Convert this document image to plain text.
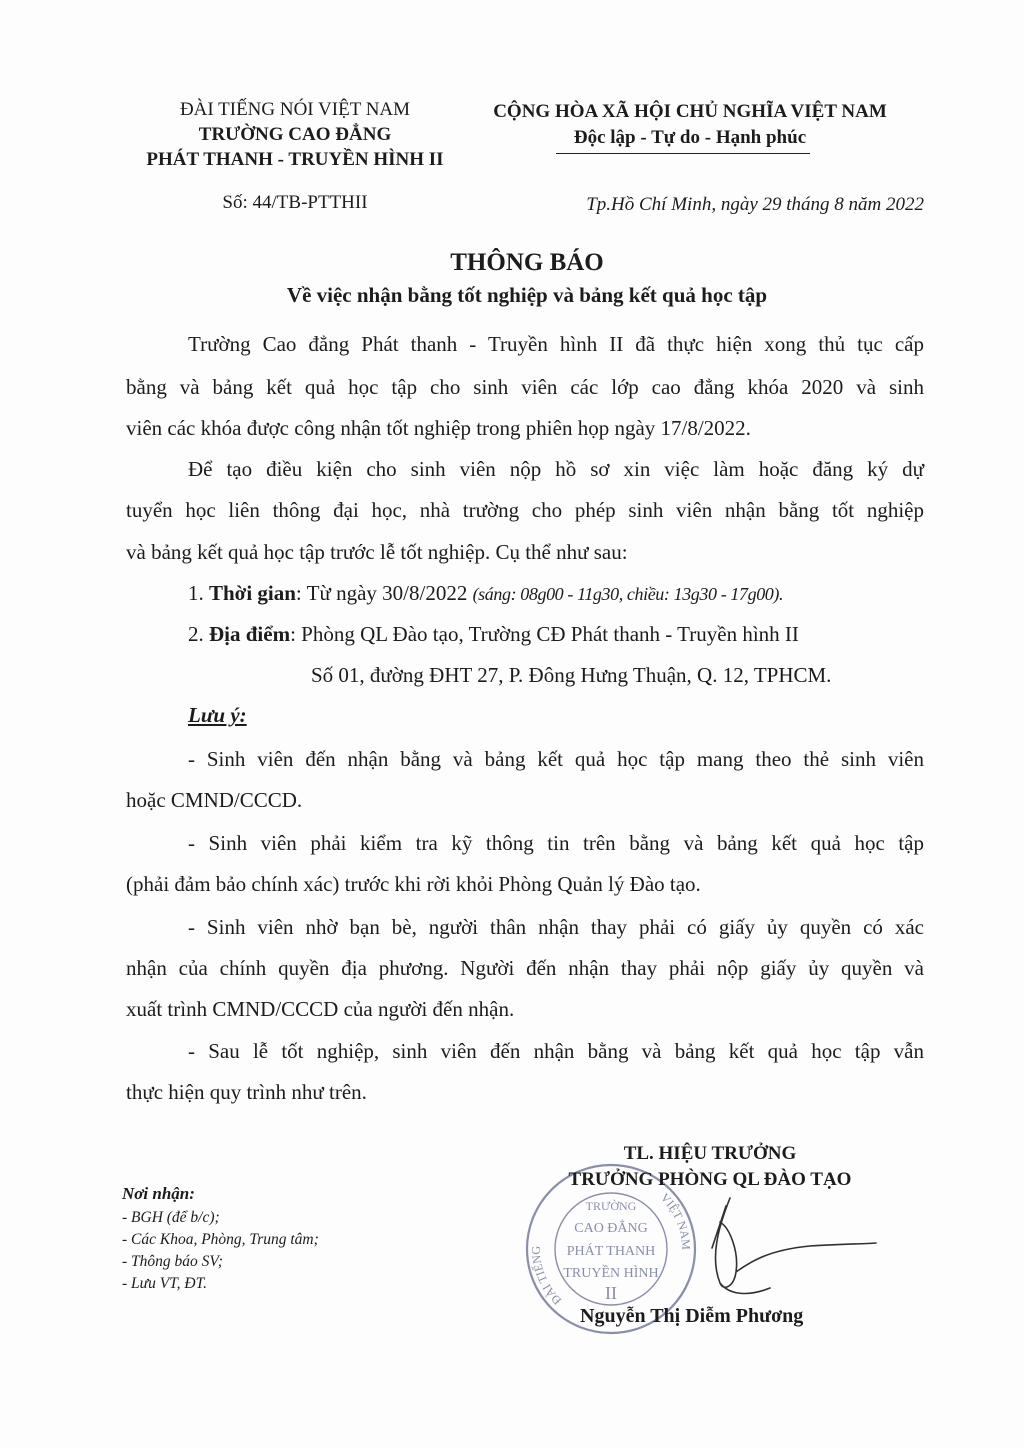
ĐÀI TIẾNG NÓI VIỆT NAM
TRƯỜNG CAO ĐẲNG
PHÁT THANH - TRUYỀN HÌNH II
Số: 44/TB-PTTHII
CỘNG HÒA XÃ HỘI CHỦ NGHĨA VIỆT NAM
Độc lập - Tự do - Hạnh phúc
Tp.Hồ Chí Minh, ngày 29 tháng 8 năm 2022
THÔNG BÁO
Về việc nhận bằng tốt nghiệp và bảng kết quả học tập
Trường Cao đẳng Phát thanh - Truyền hình II đã thực hiện xong thủ tục cấp
bằng và bảng kết quả học tập cho sinh viên các lớp cao đẳng khóa 2020 và sinh
viên các khóa được công nhận tốt nghiệp trong phiên họp ngày 17/8/2022.
Để tạo điều kiện cho sinh viên nộp hồ sơ xin việc làm hoặc đăng ký dự
tuyển học liên thông đại học, nhà trường cho phép sinh viên nhận bằng tốt nghiệp
và bảng kết quả học tập trước lễ tốt nghiệp. Cụ thể như sau:
1. Thời gian: Từ ngày 30/8/2022 (sáng: 08g00 - 11g30, chiều: 13g30 - 17g00).
2. Địa điểm: Phòng QL Đào tạo, Trường CĐ Phát thanh - Truyền hình II
Số 01, đường ĐHT 27, P. Đông Hưng Thuận, Q. 12, TPHCM.
Lưu ý:
- Sinh viên đến nhận bằng và bảng kết quả học tập mang theo thẻ sinh viên
hoặc CMND/CCCD.
- Sinh viên phải kiểm tra kỹ thông tin trên bằng và bảng kết quả học tập
(phải đảm bảo chính xác) trước khi rời khỏi Phòng Quản lý Đào tạo.
- Sinh viên nhờ bạn bè, người thân nhận thay phải có giấy ủy quyền có xác
nhận của chính quyền địa phương. Người đến nhận thay phải nộp giấy ủy quyền và
xuất trình CMND/CCCD của người đến nhận.
- Sau lễ tốt nghiệp, sinh viên đến nhận bằng và bảng kết quả học tập vẫn
thực hiện quy trình như trên.
Nơi nhận:
- BGH (để b/c);
- Các Khoa, Phòng, Trung tâm;
- Thông báo SV;
- Lưu VT, ĐT.
ĐÀI TIẾNG
VIỆT NAM
TRƯỜNG
CAO ĐẲNG
PHÁT THANH
TRUYỀN HÌNH
II
TL. HIỆU TRƯỞNG
TRƯỞNG PHÒNG QL ĐÀO TẠO
Nguyễn Thị Diễm Phương
